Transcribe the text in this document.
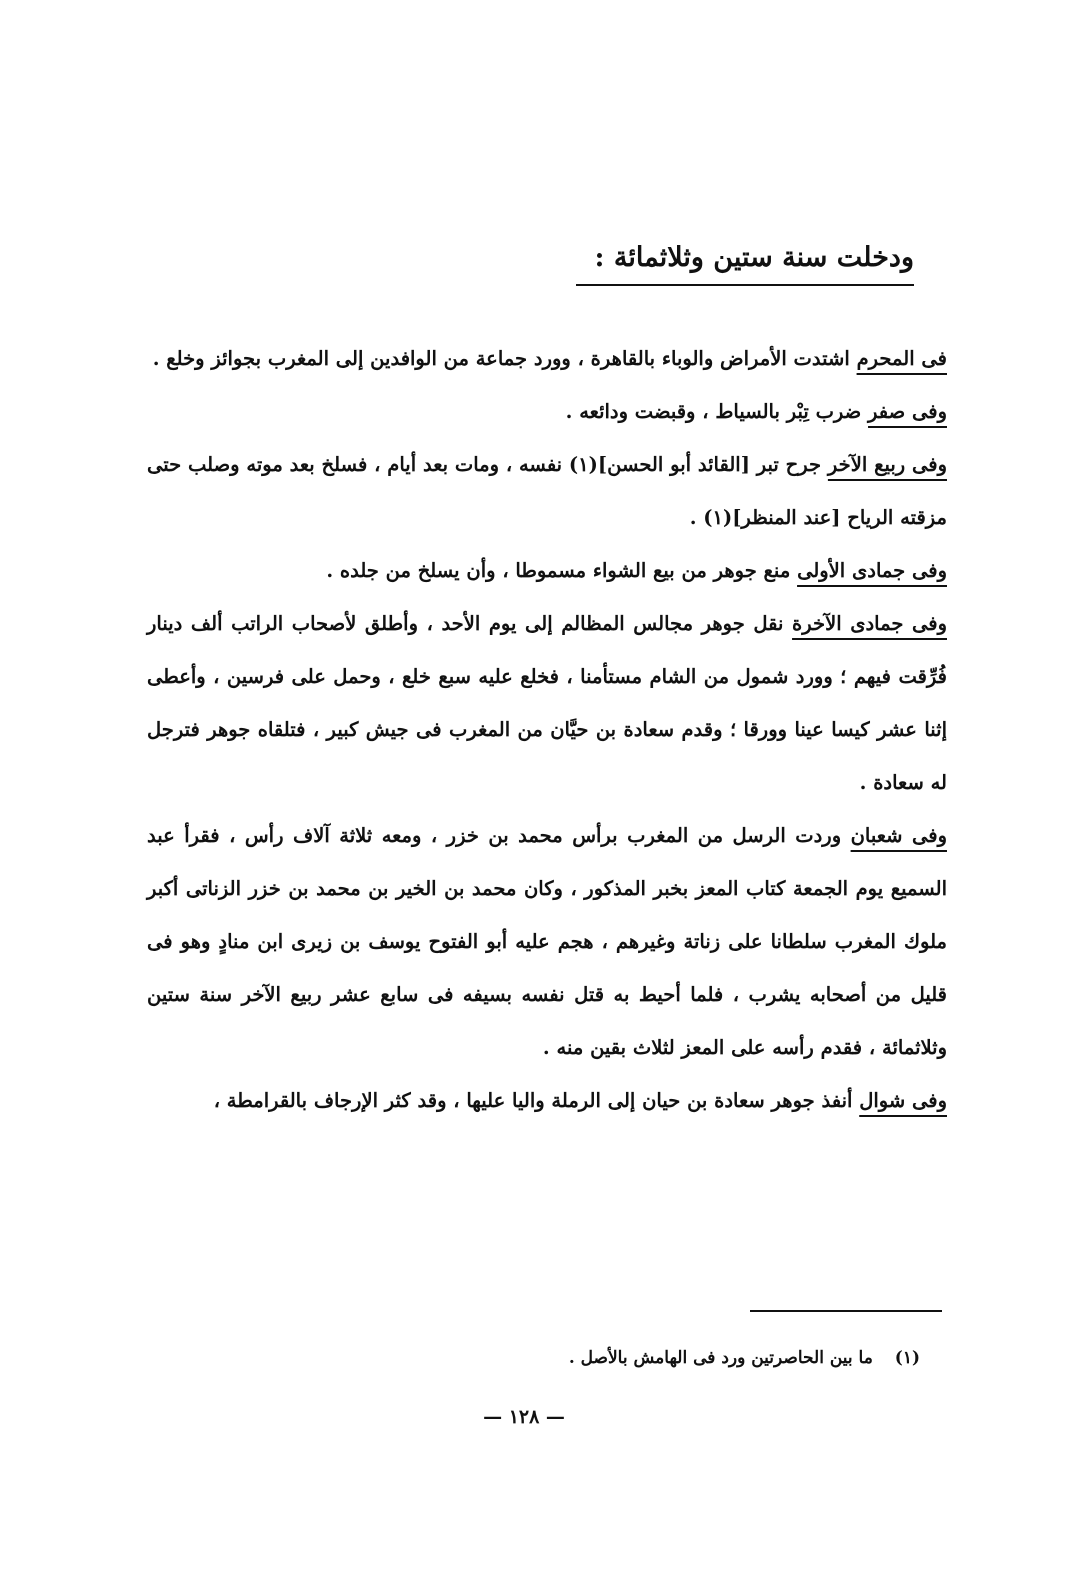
ودخلت سنة ستين وثلاثمائة :

فى المحرم اشتدت الأمراض والوباء بالقاهرة ، وورد جماعة من الوافدين إلى المغرب بجوائز وخلع .

وفى صفر ضرب تِبْر بالسياط ، وقبضت ودائعه .

وفى ربيع الآخر جرح تبر [القائد أبو الحسن](١) نفسه ، ومات بعد أيام ، فسلخ بعد موته وصلب حتى مزقته الرياح [عند المنظر](١) .

وفى جمادى الأولى منع جوهر من بيع الشواء مسموطا ، وأن يسلخ من جلده .

وفى جمادى الآخرة نقل جوهر مجالس المظالم إلى يوم الأحد ، وأطلق لأصحاب الراتب ألف دينار فُرِّقت فيهم ؛ وورد شمول من الشام مستأمنا ، فخلع عليه سبع خلع ، وحمل على فرسين ، وأعطى إثنا عشر كيسا عينا وورقا ؛ وقدم سعادة بن حيَّان من المغرب فى جيش كبير ، فتلقاه جوهر فترجل له سعادة .

وفى شعبان وردت الرسل من المغرب برأس محمد بن خزر ، ومعه ثلاثة آلاف رأس ، فقرأ عبد السميع يوم الجمعة كتاب المعز بخبر المذكور ، وكان محمد بن الخير بن محمد بن خزر الزناتى أكبر ملوك المغرب سلطانا على زناتة وغيرهم ، هجم عليه أبو الفتوح يوسف بن زيرى ابن منادٍ وهو فى قليل من أصحابه يشرب ، فلما أحيط به قتل نفسه بسيفه فى سابع عشر ربيع الآخر سنة ستين وثلاثمائة ، فقدم رأسه على المعز لثلاث بقين منه .

وفى شوال أنفذ جوهر سعادة بن حيان إلى الرملة واليا عليها ، وقد كثر الإرجاف بالقرامطة ،

(١) ما بين الحاصرتين ورد فى الهامش بالأصل .
— ١٢٨ —
